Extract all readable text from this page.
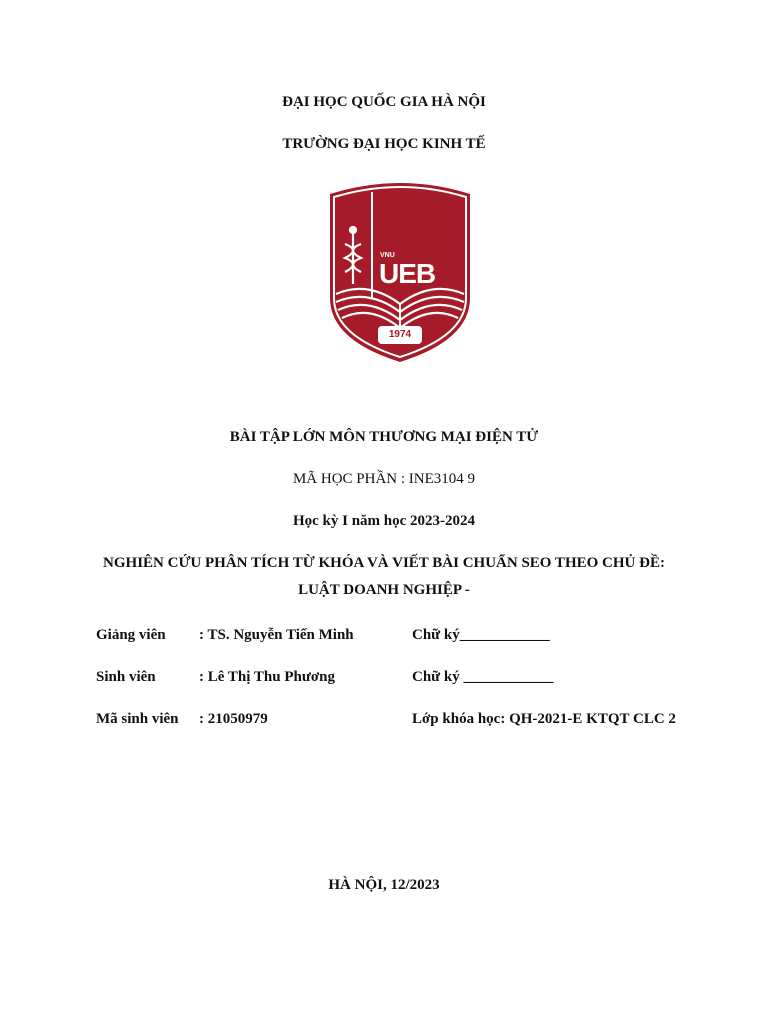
ĐẠI HỌC QUỐC GIA HÀ NỘI
TRƯỜNG ĐẠI HỌC KINH TẾ
VNU
UEB
1974
BÀI TẬP LỚN MÔN THƯƠNG MẠI ĐIỆN TỬ
MÃ HỌC PHẦN : INE3104 9
Học kỳ I năm học 2023-2024
NGHIÊN CỨU PHÂN TÍCH TỪ KHÓA VÀ VIẾT BÀI CHUẨN SEO THEO CHỦ ĐỀ:
LUẬT DOANH NGHIỆP -
Giảng viên : TS. Nguyễn Tiến Minh	Chữ ký____________
Sinh viên	: Lê Thị Thu Phương	Chữ ký ____________
Mã sinh viên : 21050979	Lớp khóa học: QH-2021-E KTQT CLC 2
HÀ NỘI, 12/2023
